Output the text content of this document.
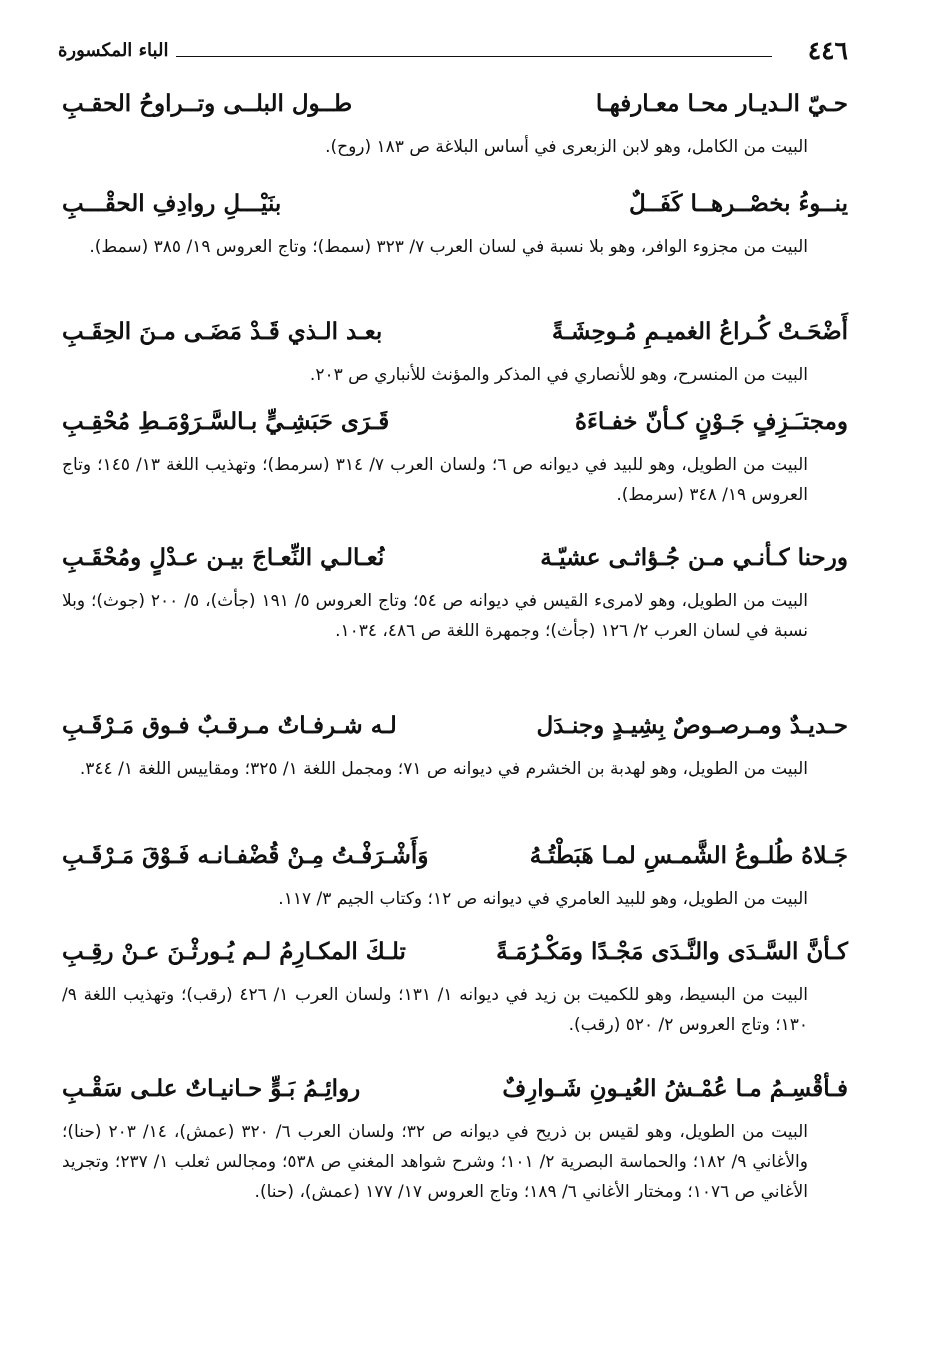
٤٤٦
الباء المكسورة
حـيّ الـديـار محـا معـارفهـا
طــول البلــى وتــراوحُ الحقـبِ
البيت من الكامل، وهو لابن الزبعرى في أساس البلاغة ص ١٨٣ (روح).
ينــوءُ بخصْــرهــا كَفَــلٌ
بنَيْـــلِ روادِفِ الحقْـــبِ
البيت من مجزوء الوافر، وهو بلا نسبة في لسان العرب ٧/ ٣٢٣ (سمط)؛ وتاج العروس ١٩/ ٣٨٥ (سمط).
أَضْحَـتْ كُـراعُ الغميـمِ مُـوحِشَـةً
بعـد الـذي قَـدْ مَضَـى مـنَ الحِقَـبِ
البيت من المنسرح، وهو للأنصاري في المذكر والمؤنث للأنباري ص ٢٠٣.
ومجتـَـزِفٍ جَـوْنٍ كـأنّ خفـاءَهُ
قَـرَى حَبَشِـيٍّ بـالسَّـرَوْمَـطِ مُحْقِـبِ
البيت من الطويل، وهو للبيد في ديوانه ص ٦؛ ولسان العرب ٧/ ٣١٤ (سرمط)؛ وتهذيب اللغة ١٣/ ١٤٥؛ وتاج العروس ١٩/ ٣٤٨ (سرمط).
ورحنا كـأنـي مـن جُـؤاثـى عشيّـة
نُعـالـي النِّعـاجَ بيـن عـدْلٍ ومُحْقَـبِ
البيت من الطويل، وهو لامرىء القيس في ديوانه ص ٥٤؛ وتاج العروس ٥/ ١٩١ (جأث)، ٥/ ٢٠٠ (جوث)؛ وبلا نسبة في لسان العرب ٢/ ١٢٦ (جأث)؛ وجمهرة اللغة ص ٤٨٦، ١٠٣٤.
حـديـدٌ ومـرصـوصٌ بِشِيـدٍ وجنـدَل
لـه شـرفـاتٌ مـرقـبٌ فـوق مَـرْقَـبِ
البيت من الطويل، وهو لهدبة بن الخشرم في ديوانه ص ٧١؛ ومجمل اللغة ١/ ٣٢٥؛ ومقاييس اللغة ١/ ٣٤٤.
جَـلاهُ طُلـوعُ الشَّمـسِ لمـا هَبَطْتُـهُ
وَأَشْـرَفْـتُ مِـنْ قُضْفـانـه فَـوْقَ مَـرْقَـبِ
البيت من الطويل، وهو للبيد العامري في ديوانه ص ١٢؛ وكتاب الجيم ٣/ ١١٧.
كـأنَّ السَّـدَى والنَّـدَى مَجْـدًا ومَكْـرُمَـةً
تلـكَ المكـارِمُ لـم يُـورثْـنَ عـنْ رقِـبِ
البيت من البسيط، وهو للكميت بن زيد في ديوانه ١/ ١٣١؛ ولسان العرب ١/ ٤٢٦ (رقب)؛ وتهذيب اللغة ٩/ ١٣٠؛ وتاج العروس ٢/ ٥٢٠ (رقب).
فـأقْسِـمُ مـا عُمْـشُ العُيـونِ شَـوارِفٌ
روائِـمُ بَـوٍّ حـانيـاتٌ علـى سَقْـبِ
البيت من الطويل، وهو لقيس بن ذريح في ديوانه ص ٣٢؛ ولسان العرب ٦/ ٣٢٠ (عمش)، ١٤/ ٢٠٣ (حنا)؛ والأغاني ٩/ ١٨٢؛ والحماسة البصرية ٢/ ١٠١؛ وشرح شواهد المغني ص ٥٣٨؛ ومجالس ثعلب ١/ ٢٣٧؛ وتجريد الأغاني ص ١٠٧٦؛ ومختار الأغاني ٦/ ١٨٩؛ وتاج العروس ١٧/ ١٧٧ (عمش)، (حنا).
